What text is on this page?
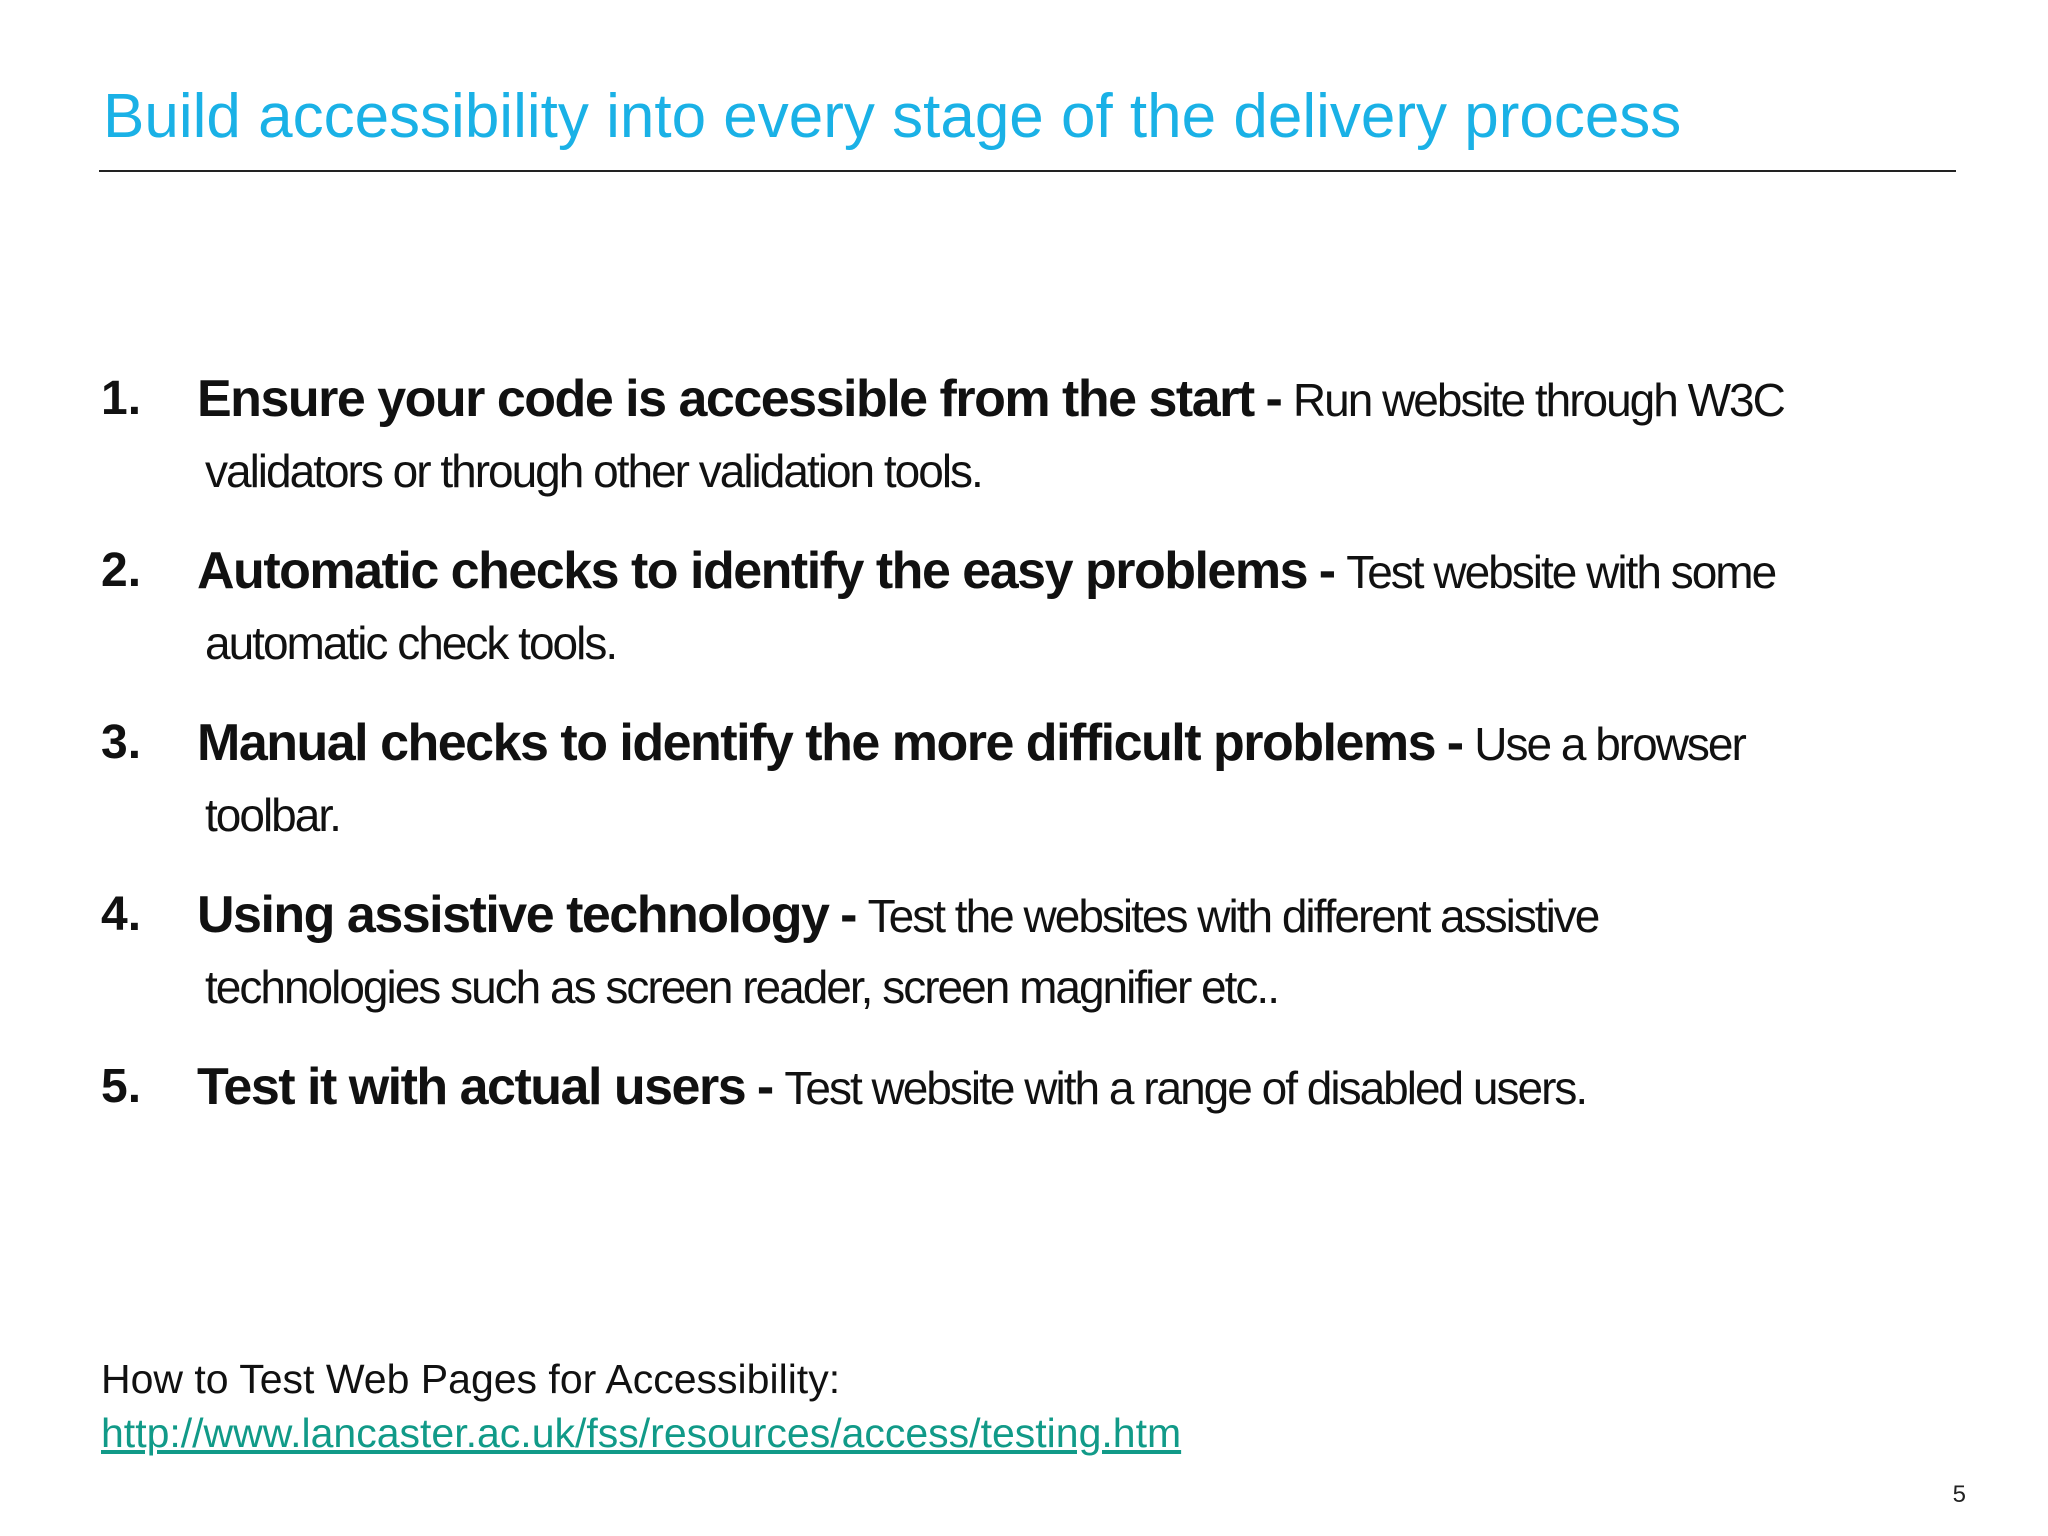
Build accessibility into every stage of the delivery process
1. Ensure your code is accessible from the start - Run website through W3C
validators or through other validation tools.
2. Automatic checks to identify the easy problems - Test website with some
automatic check tools.
3. Manual checks to identify the more difficult problems - Use a browser
toolbar.
4. Using assistive technology - Test the websites with different assistive
technologies such as screen reader, screen magnifier etc..
5. Test it with actual users - Test website with a range of disabled users.
How to Test Web Pages for Accessibility:
http://www.lancaster.ac.uk/fss/resources/access/testing.htm
5
